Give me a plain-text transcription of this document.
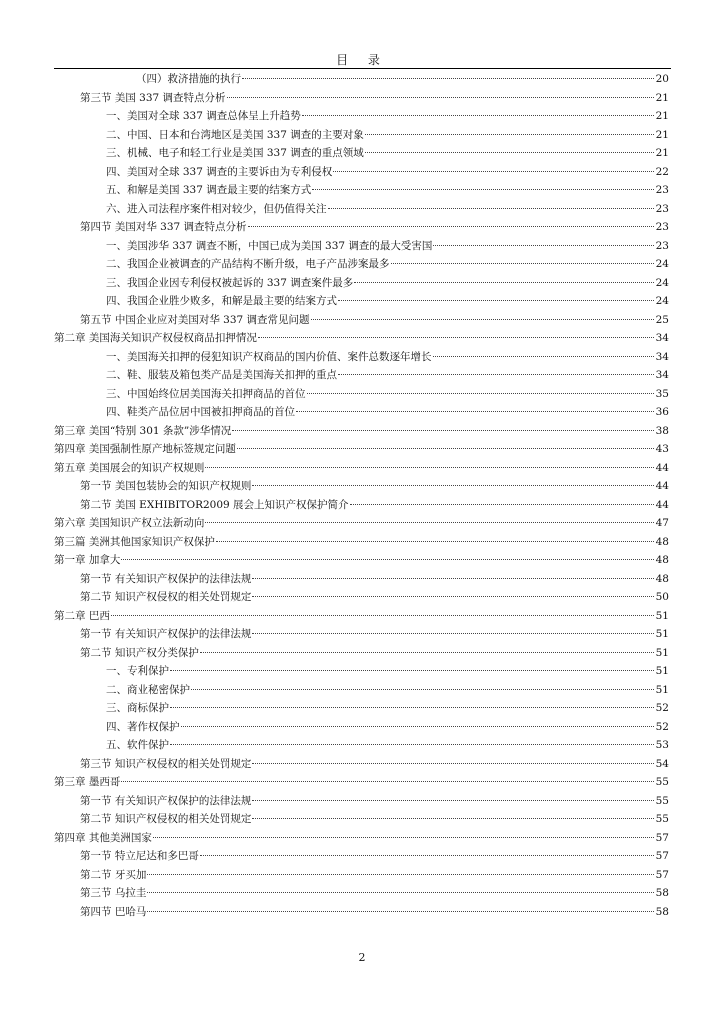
目 录
（四）救济措施的执行	20
第三节 美国 337 调查特点分析	21
一、美国对全球 337 调查总体呈上升趋势	21
二、中国、日本和台湾地区是美国 337 调查的主要对象	21
三、机械、电子和轻工行业是美国 337 调查的重点领域	21
四、美国对全球 337 调查的主要诉由为专利侵权	22
五、和解是美国 337 调查最主要的结案方式	23
六、进入司法程序案件相对较少，但仍值得关注	23
第四节 美国对华 337 调查特点分析	23
一、美国涉华 337 调查不断，中国已成为美国 337 调查的最大受害国	23
二、我国企业被调查的产品结构不断升级，电子产品涉案最多	24
三、我国企业因专利侵权被起诉的 337 调查案件最多	24
四、我国企业胜少败多，和解是最主要的结案方式	24
第五节 中国企业应对美国对华 337 调查常见问题	25
第二章 美国海关知识产权侵权商品扣押情况	34
一、美国海关扣押的侵犯知识产权商品的国内价值、案件总数逐年增长	34
二、鞋、服装及箱包类产品是美国海关扣押的重点	34
三、中国始终位居美国海关扣押商品的首位	35
四、鞋类产品位居中国被扣押商品的首位	36
第三章 美国“特别 301 条款”涉华情况	38
第四章 美国强制性原产地标签规定问题	43
第五章 美国展会的知识产权规则	44
第一节 美国包装协会的知识产权规则	44
第二节 美国 EXHIBITOR2009 展会上知识产权保护简介	44
第六章 美国知识产权立法新动向	47
第三篇 美洲其他国家知识产权保护	48
第一章 加拿大	48
第一节 有关知识产权保护的法律法规	48
第二节 知识产权侵权的相关处罚规定	50
第二章 巴西	51
第一节 有关知识产权保护的法律法规	51
第二节 知识产权分类保护	51
一、专利保护	51
二、商业秘密保护	51
三、商标保护	52
四、著作权保护	52
五、软件保护	53
第三节 知识产权侵权的相关处罚规定	54
第三章 墨西哥	55
第一节 有关知识产权保护的法律法规	55
第二节 知识产权侵权的相关处罚规定	55
第四章 其他美洲国家	57
第一节 特立尼达和多巴哥	57
第二节 牙买加	57
第三节 乌拉圭	58
第四节 巴哈马	58
2
